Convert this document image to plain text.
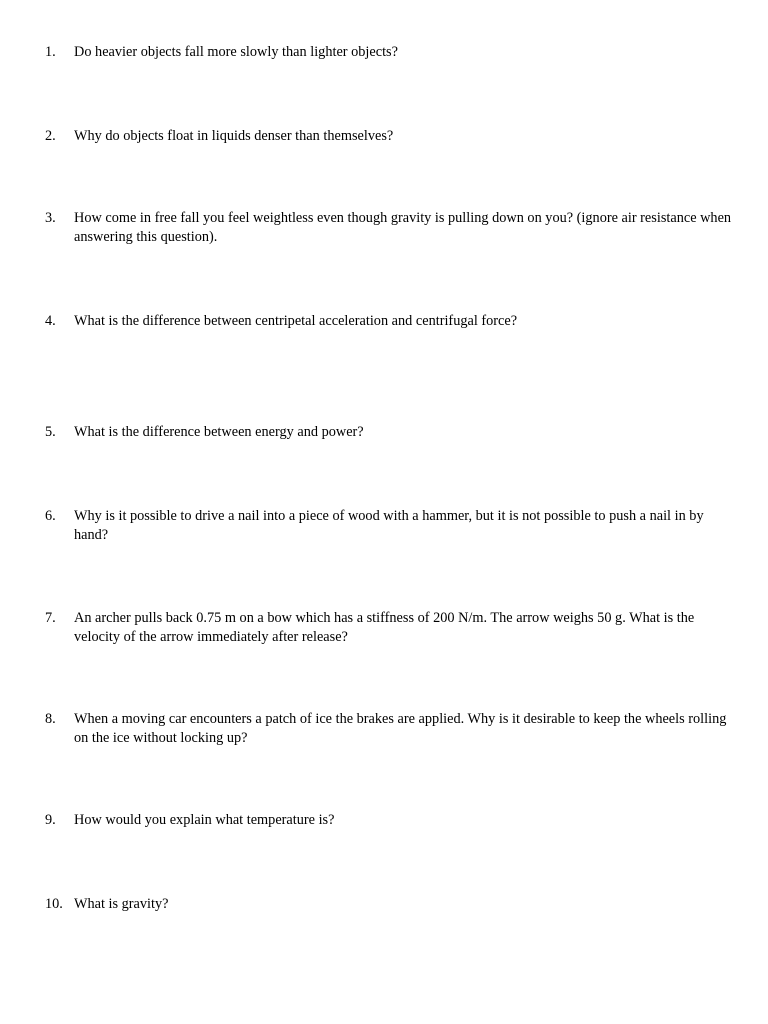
1.	Do heavier objects fall more slowly than lighter objects?
2.	Why do objects float in liquids denser than themselves?
3.	How come in free fall you feel weightless even though gravity is pulling down on you? (ignore air resistance when answering this question).
4.	What is the difference between centripetal acceleration and centrifugal force?
5.	What is the difference between energy and power?
6.	Why is it possible to drive a nail into a piece of wood with a hammer, but it is not possible to push a nail in by hand?
7.	An archer pulls back 0.75 m on a bow which has a stiffness of 200 N/m. The arrow weighs 50 g. What is the velocity of the arrow immediately after release?
8.	When a moving car encounters a patch of ice the brakes are applied. Why is it desirable to keep the wheels rolling on the ice without locking up?
9.	How would you explain what temperature is?
10. What is gravity?
